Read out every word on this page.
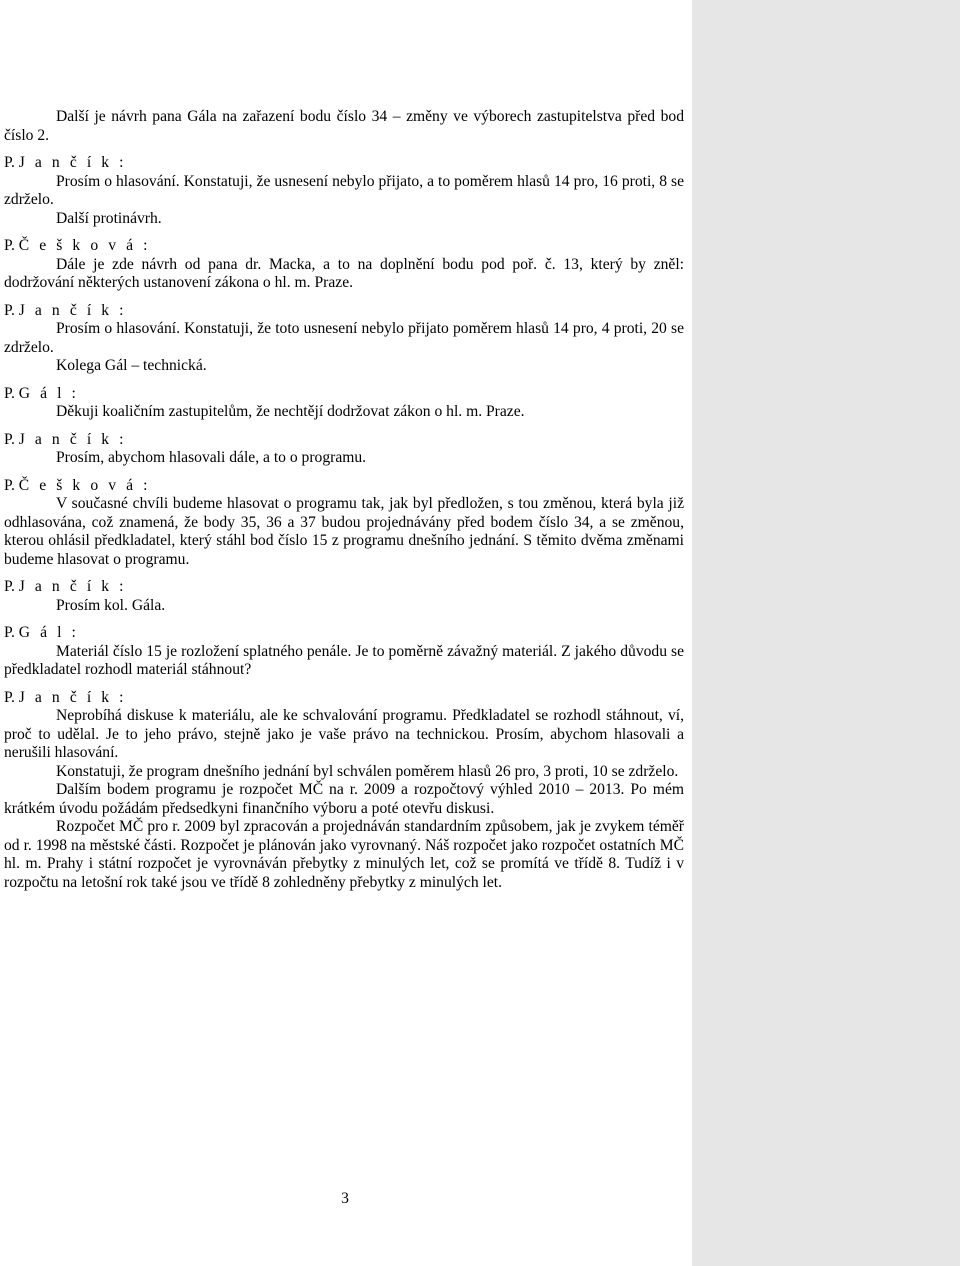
Další je návrh pana Gála na zařazení bodu číslo 34 – změny ve výborech zastupitelstva před bod číslo 2.

P. J a n č í k :

Prosím o hlasování. Konstatuji, že usnesení nebylo přijato, a to poměrem hlasů 14 pro, 16 proti, 8 se zdrželo.

Další protinávrh.

P. Č e š k o v á :

Dále je zde návrh od pana dr. Macka, a to na doplnění bodu pod poř. č. 13, který by zněl: dodržování některých ustanovení zákona o hl. m. Praze.

P. J a n č í k :

Prosím o hlasování. Konstatuji, že toto usnesení nebylo přijato poměrem hlasů 14 pro, 4 proti, 20 se zdrželo.

Kolega Gál – technická.

P. G á l :

Děkuji koaličním zastupitelům, že nechtějí dodržovat zákon o hl. m. Praze.

P. J a n č í k :

Prosím, abychom hlasovali dále, a to o programu.

P. Č e š k o v á :

V současné chvíli budeme hlasovat o programu tak, jak byl předložen, s tou změnou, která byla již odhlasována, což znamená, že body 35, 36 a 37 budou projednávány před bodem číslo 34, a se změnou, kterou ohlásil předkladatel, který stáhl bod číslo 15 z programu dnešního jednání. S těmito dvěma změnami budeme hlasovat o programu.

P. J a n č í k :

Prosím kol. Gála.

P. G á l :

Materiál číslo 15 je rozložení splatného penále. Je to poměrně závažný materiál. Z jakého důvodu se předkladatel rozhodl materiál stáhnout?

P. J a n č í k :

Neprobíhá diskuse k materiálu, ale ke schvalování programu. Předkladatel se rozhodl stáhnout, ví, proč to udělal. Je to jeho právo, stejně jako je vaše právo na technickou. Prosím, abychom hlasovali a nerušili hlasování.

Konstatuji, že program dnešního jednání byl schválen poměrem hlasů 26 pro, 3 proti, 10 se zdrželo.

Dalším bodem programu je rozpočet MČ na r. 2009 a rozpočtový výhled 2010 – 2013. Po mém krátkém úvodu požádám předsedkyni finančního výboru a poté otevřu diskusi.

Rozpočet MČ pro r. 2009 byl zpracován a projednáván standardním způsobem, jak je zvykem téměř od r. 1998 na městské části. Rozpočet je plánován jako vyrovnaný. Náš rozpočet jako rozpočet ostatních MČ hl. m. Prahy i státní rozpočet je vyrovnáván přebytky z minulých let, což se promítá ve třídě 8. Tudíž i v rozpočtu na letošní rok také jsou ve třídě 8 zohledněny přebytky z minulých let.

3
